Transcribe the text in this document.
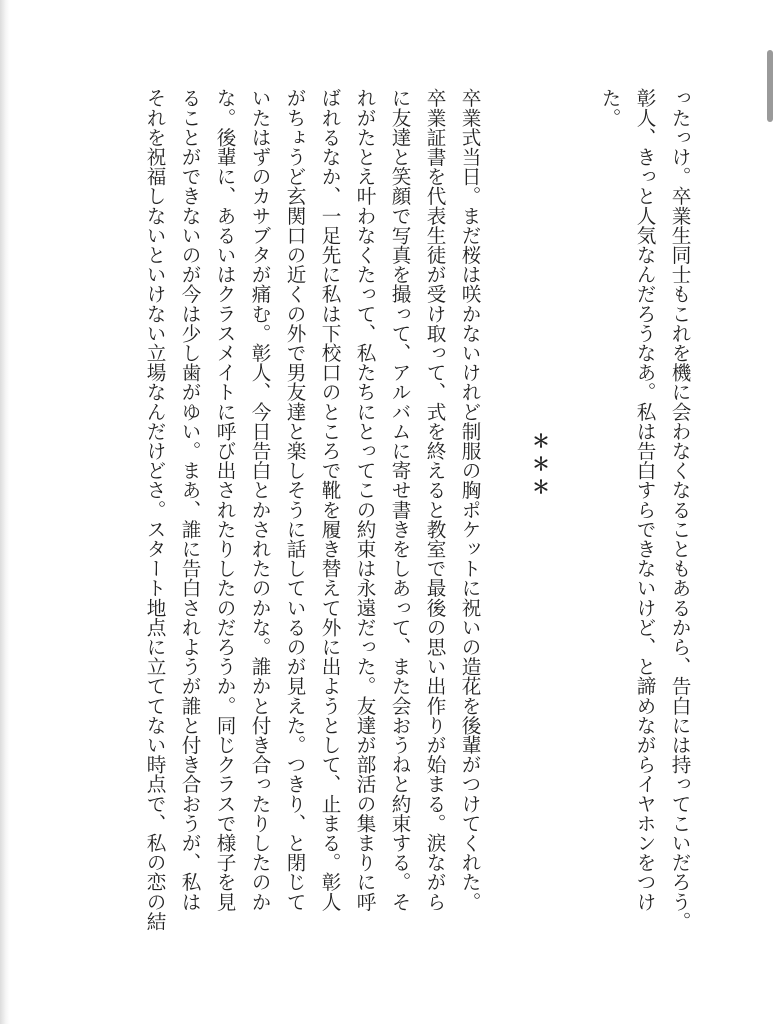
ったっけ。卒業生同士もこれを機に会わなくなることもあるから、告白には持ってこいだろう。
彰人、きっと人気なんだろうなあ。私は告白すらできないけど、と諦めながらイヤホンをつけ
た。
＊＊＊
卒業式当日。まだ桜は咲かないけれど制服の胸ポケットに祝いの造花を後輩がつけてくれた。
卒業証書を代表生徒が受け取って、式を終えると教室で最後の思い出作りが始まる。涙ながら
に友達と笑顔で写真を撮って、アルバムに寄せ書きをしあって、また会おうねと約束する。そ
れがたとえ叶わなくたって、私たちにとってこの約束は永遠だった。友達が部活の集まりに呼
ばれるなか、一足先に私は下校口のところで靴を履き替えて外に出ようとして、止まる。彰人
がちょうど玄関口の近くの外で男友達と楽しそうに話しているのが見えた。つきり、と閉じて
いたはずのカサブタが痛む。彰人、今日告白とかされたのかな。誰かと付き合ったりしたのか
な。後輩に、あるいはクラスメイトに呼び出されたりしたのだろうか。同じクラスで様子を見
ることができないのが今は少し歯がゆい。まあ、誰に告白されようが誰と付き合おうが、私は
それを祝福しないといけない立場なんだけどさ。スタート地点に立ててない時点で、私の恋の結
